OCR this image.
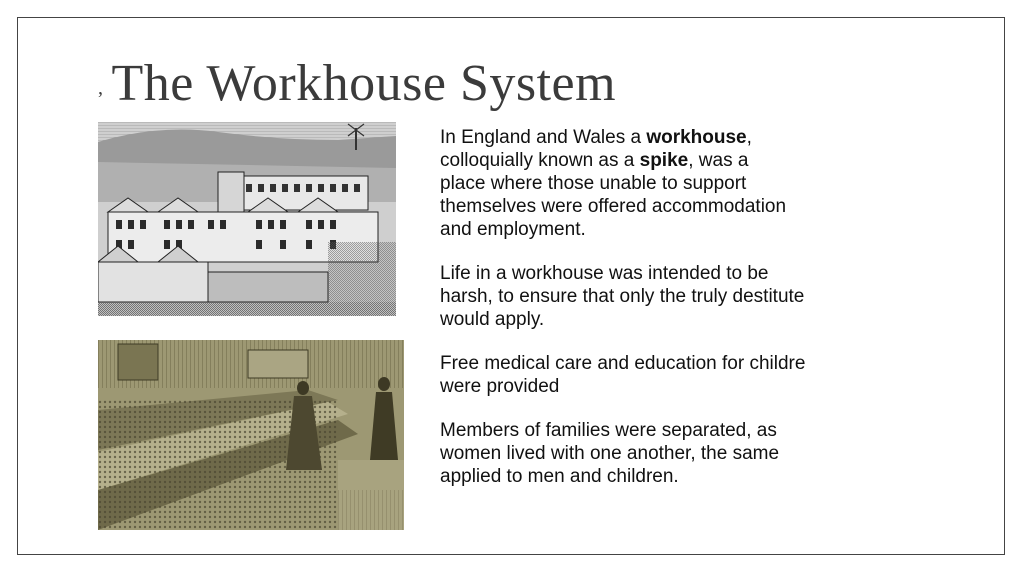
, The Workhouse System

In England and Wales a workhouse,
colloquially known as a spike, was a
place where those unable to support
themselves were offered accommodation
and employment.

Life in a workhouse was intended to be
harsh, to ensure that only the truly destitute
would apply.

Free medical care and education for childre
were provided

Members of families were separated, as
women lived with one another, the same
applied to men and children.
